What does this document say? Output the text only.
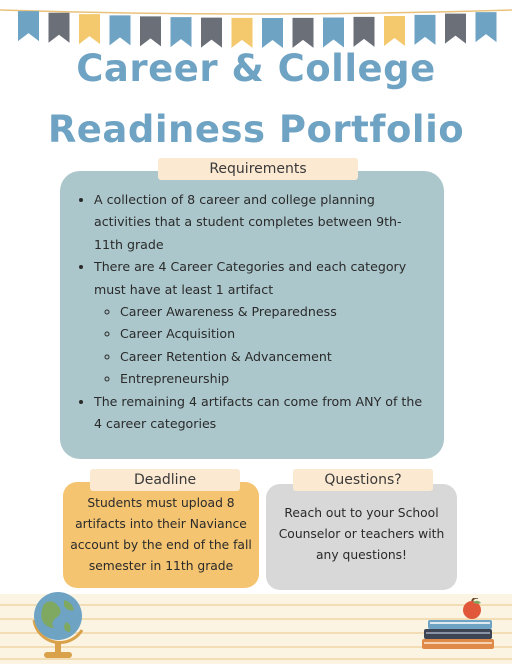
Career & College
Readiness Portfolio
• A collection of 8 career and college planning activities that a student completes between 9th-11th grade
• There are 4 Career Categories and each category must have at least 1 artifact
◦ Career Awareness & Preparedness
◦ Career Acquisition
◦ Career Retention & Advancement
◦ Entrepreneurship
• The remaining 4 artifacts can come from ANY of the 4 career categories
Requirements
Students must upload 8 artifacts into their Naviance account by the end of the fall semester in 11th grade
Deadline
Reach out to your School Counselor or teachers with any questions!
Questions?
